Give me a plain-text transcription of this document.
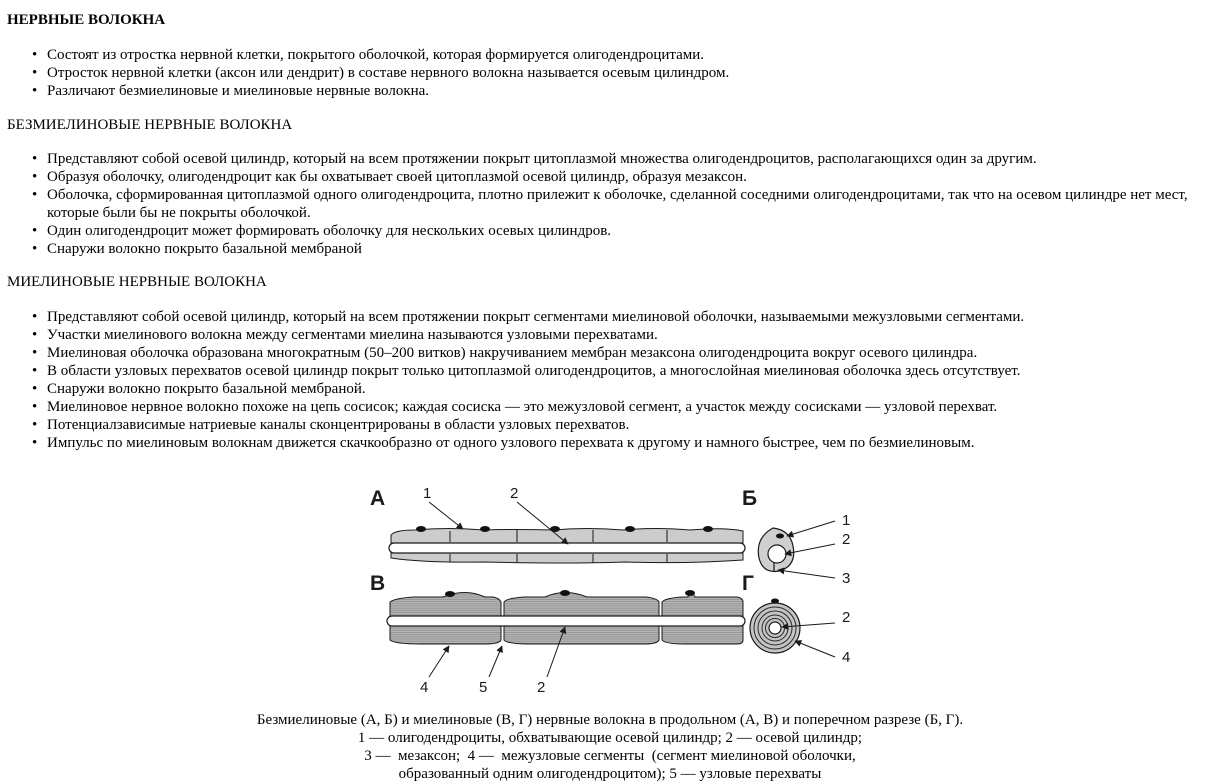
НЕРВНЫЕ ВОЛОКНА
• Состоят из отростка нервной клетки, покрытого оболочкой, которая формируется олигодендроцитами.
• Отросток нервной клетки (аксон или дендрит) в составе нервного волокна называется осевым цилиндром.
• Различают безмиелиновые и миелиновые нервные волокна.
БЕЗМИЕЛИНОВЫЕ НЕРВНЫЕ ВОЛОКНА
• Представляют собой осевой цилиндр, который на всем протяжении покрыт цитоплазмой множества олигодендроцитов, располагающихся один за другим.
• Образуя оболочку, олигодендроцит как бы охватывает своей цитоплазмой осевой цилиндр, образуя мезаксон.
• Оболочка, сформированная цитоплазмой одного олигодендроцита, плотно прилежит к оболочке, сделанной соседними олигодендроцитами, так что на осевом цилиндре нет мест, которые были бы не покрыты оболочкой.
• Один олигодендроцит может формировать оболочку для нескольких осевых цилиндров.
• Снаружи волокно покрыто базальной мембраной
МИЕЛИНОВЫЕ НЕРВНЫЕ ВОЛОКНА
• Представляют собой осевой цилиндр, который на всем протяжении покрыт сегментами миелиновой оболочки, называемыми межузловыми сегментами.
• Участки миелинового волокна между сегментами миелина называются узловыми перехватами.
• Миелиновая оболочка образована многократным (50–200 витков) накручиванием мембран мезаксона олигодендроцита вокруг осевого цилиндра.
• В области узловых перехватов осевой цилиндр покрыт только цитоплазмой олигодендроцитов, а многослойная миелиновая оболочка здесь отсутствует.
• Снаружи волокно покрыто базальной мембраной.
• Миелиновое нервное волокно похоже на цепь сосисок; каждая сосиска — это межузловой сегмент, а участок между сосисками — узловой перехват.
• Потенциалзависимые натриевые каналы сконцентрированы в области узловых перехватов.
• Импульс по миелиновым волокнам движется скачкообразно от одного узлового перехвата к другому и намного быстрее, чем по безмиелиновым.
А	1	2	Б
1
2
3
В
4	5	2
Г
2
4
Безмиелиновые (А, Б) и миелиновые (В, Г) нервные волокна в продольном (А, В) и поперечном разрезе (Б, Г).
1 — олигодендроциты, обхватывающие осевой цилиндр; 2 — осевой цилиндр;
3 —  мезаксон;  4 —  межузловые сегменты  (сегмент миелиновой оболочки,
образованный одним олигодендроцитом); 5 — узловые перехваты
